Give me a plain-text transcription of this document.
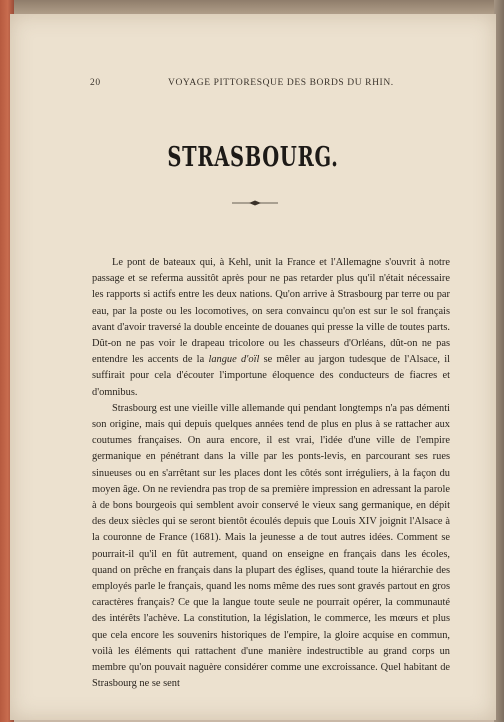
20	VOYAGE PITTORESQUE DES BORDS DU RHIN.
STRASBOURG.

Le pont de bateaux qui, à Kehl, unit la France et l'Allemagne s'ouvrit à notre passage et se referma aussitôt après pour ne pas retarder plus qu'il n'était nécessaire les rapports si actifs entre les deux nations. Qu'on arrive à Strasbourg par terre ou par eau, par la poste ou les locomotives, on sera convaincu qu'on est sur le sol français avant d'avoir traversé la double enceinte de douanes qui presse la ville de toutes parts. Dût-on ne pas voir le drapeau tricolore ou les chasseurs d'Orléans, dût-on ne pas entendre les accents de la langue d'oïl se mêler au jargon tudesque de l'Alsace, il suffirait pour cela d'écouter l'importune éloquence des conducteurs de fiacres et d'omnibus.

Strasbourg est une vieille ville allemande qui pendant longtemps n'a pas démenti son origine, mais qui depuis quelques années tend de plus en plus à se rattacher aux coutumes françaises. On aura encore, il est vrai, l'idée d'une ville de l'empire germanique en pénétrant dans la ville par les ponts-levis, en parcourant ses rues sinueuses ou en s'arrêtant sur les places dont les côtés sont irréguliers, à la façon du moyen âge. On ne reviendra pas trop de sa première impression en adressant la parole à de bons bourgeois qui semblent avoir conservé le vieux sang germanique, en dépit des deux siècles qui se seront bientôt écoulés depuis que Louis XIV joignit l'Alsace à la couronne de France (1681). Mais la jeunesse a de tout autres idées. Comment se pourrait-il qu'il en fût autrement, quand on enseigne en français dans les écoles, quand on prêche en français dans la plupart des églises, quand toute la hiérarchie des employés parle le français, quand les noms même des rues sont gravés partout en gros caractères français? Ce que la langue toute seule ne pourrait opérer, la communauté des intérêts l'achève. La constitution, la législation, le commerce, les mœurs et plus que cela encore les souvenirs historiques de l'empire, la gloire acquise en commun, voilà les éléments qui rattachent d'une manière indestructible au grand corps un membre qu'on pouvait naguère considérer comme une excroissance. Quel habitant de Strasbourg ne se sent
